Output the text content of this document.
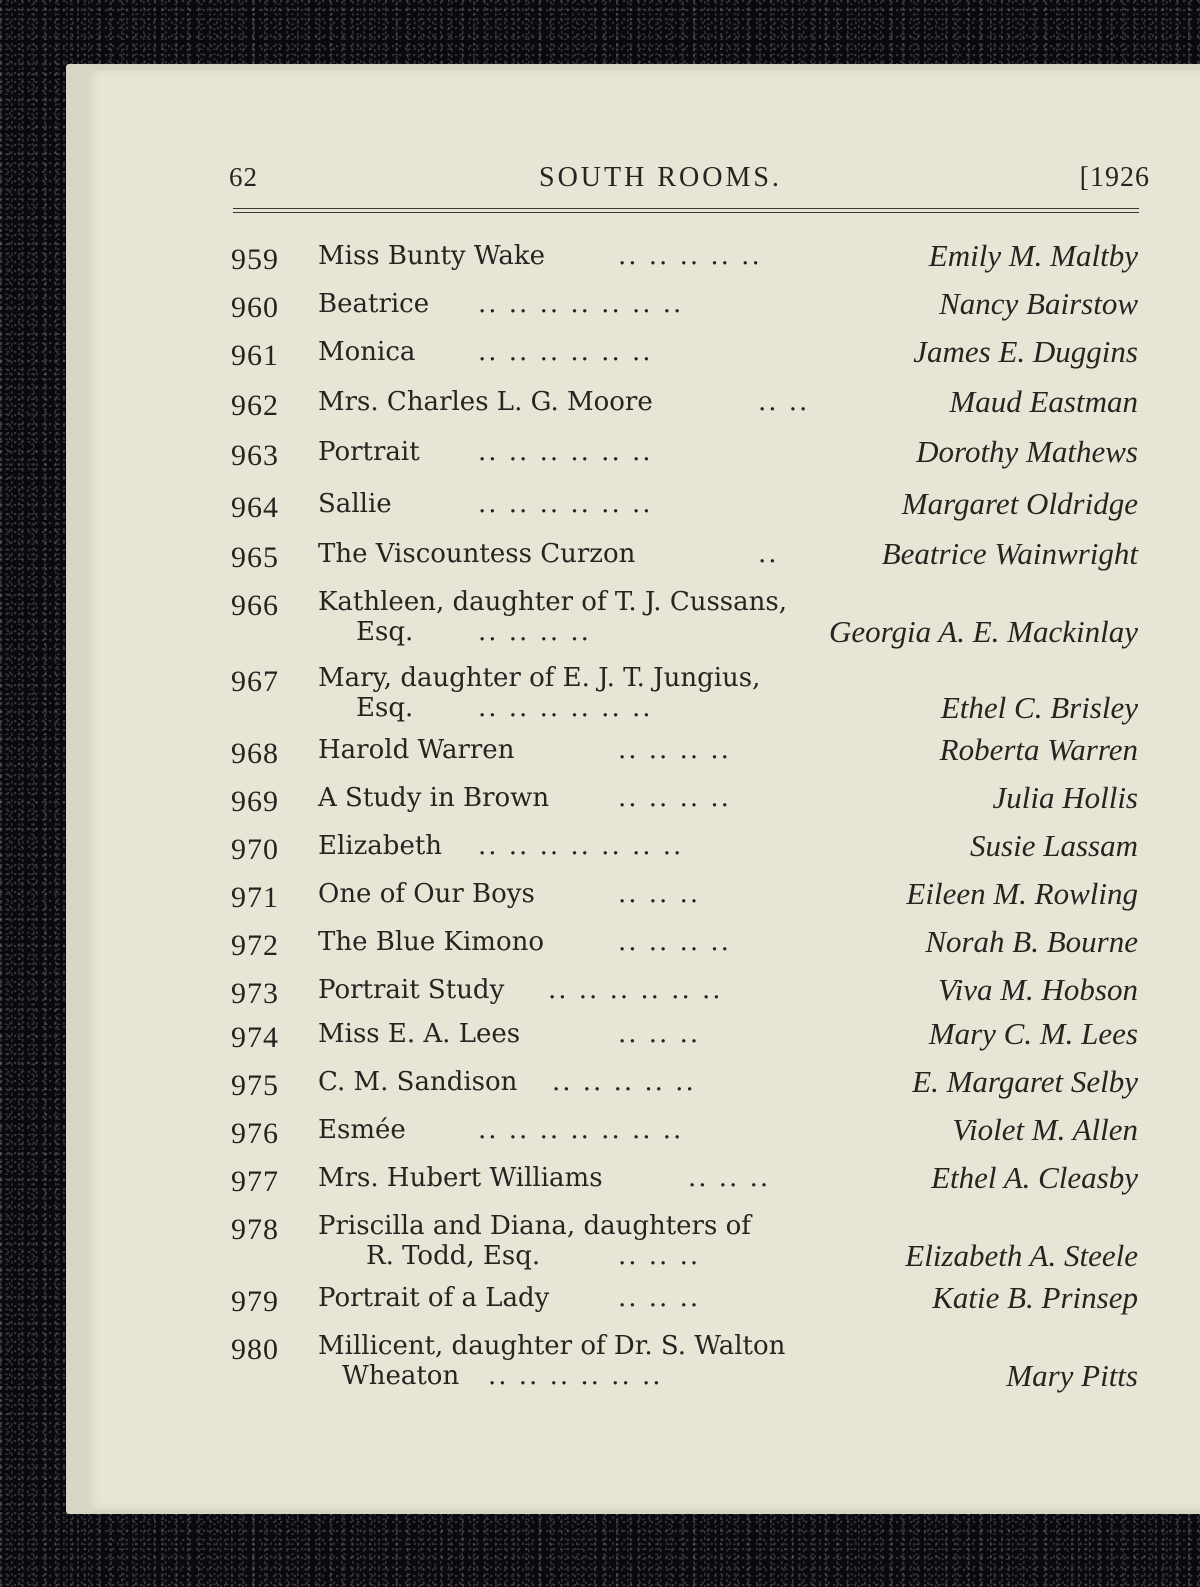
62	SOUTH ROOMS.	[1926
959 Miss Bunty Wake	.. .. .. .. ..	Emily M. Maltby
960 Beatrice .. .. .. .. .. .. ..	Nancy Bairstow
961 Monica .. .. .. .. .. ..	James E. Duggins
962 Mrs. Charles L. G. Moore	.. ..	Maud Eastman
963 Portrait .. .. .. .. .. ..	Dorothy Mathews
964 Sallie	.. .. .. .. .. ..	Margaret Oldridge
965 The Viscountess Curzon	..	Beatrice Wainwright
966 Kathleen, daughter of T. J. Cussans,
Esq. .. .. .. ..	Georgia A. E. Mackinlay
967 Mary, daughter of E. J. T. Jungius,
Esq. .. .. .. .. .. ..	Ethel C. Brisley
968 Harold Warren	.. .. .. ..	Roberta Warren
969 A Study in Brown	.. .. .. ..	Julia Hollis
970 Elizabeth .. .. .. .. .. .. ..	Susie Lassam
971 One of Our Boys	.. .. ..	Eileen M. Rowling
972 The Blue Kimono	.. .. .. ..	Norah B. Bourne
973 Portrait Study .. .. .. .. .. ..	Viva M. Hobson
974 Miss E. A. Lees	.. .. ..	Mary C. M. Lees
975 C. M. Sandison .. .. .. .. ..	E. Margaret Selby
976 Esmée	.. .. .. .. .. .. ..	Violet M. Allen
977 Mrs. Hubert Williams	.. .. ..	Ethel A. Cleasby
978 Priscilla and Diana, daughters of
R. Todd, Esq.	.. .. ..	Elizabeth A. Steele
979 Portrait of a Lady	.. .. ..	Katie B. Prinsep
980 Millicent, daughter of Dr. S. Walton
Wheaton .. .. .. .. .. ..	Mary Pitts
